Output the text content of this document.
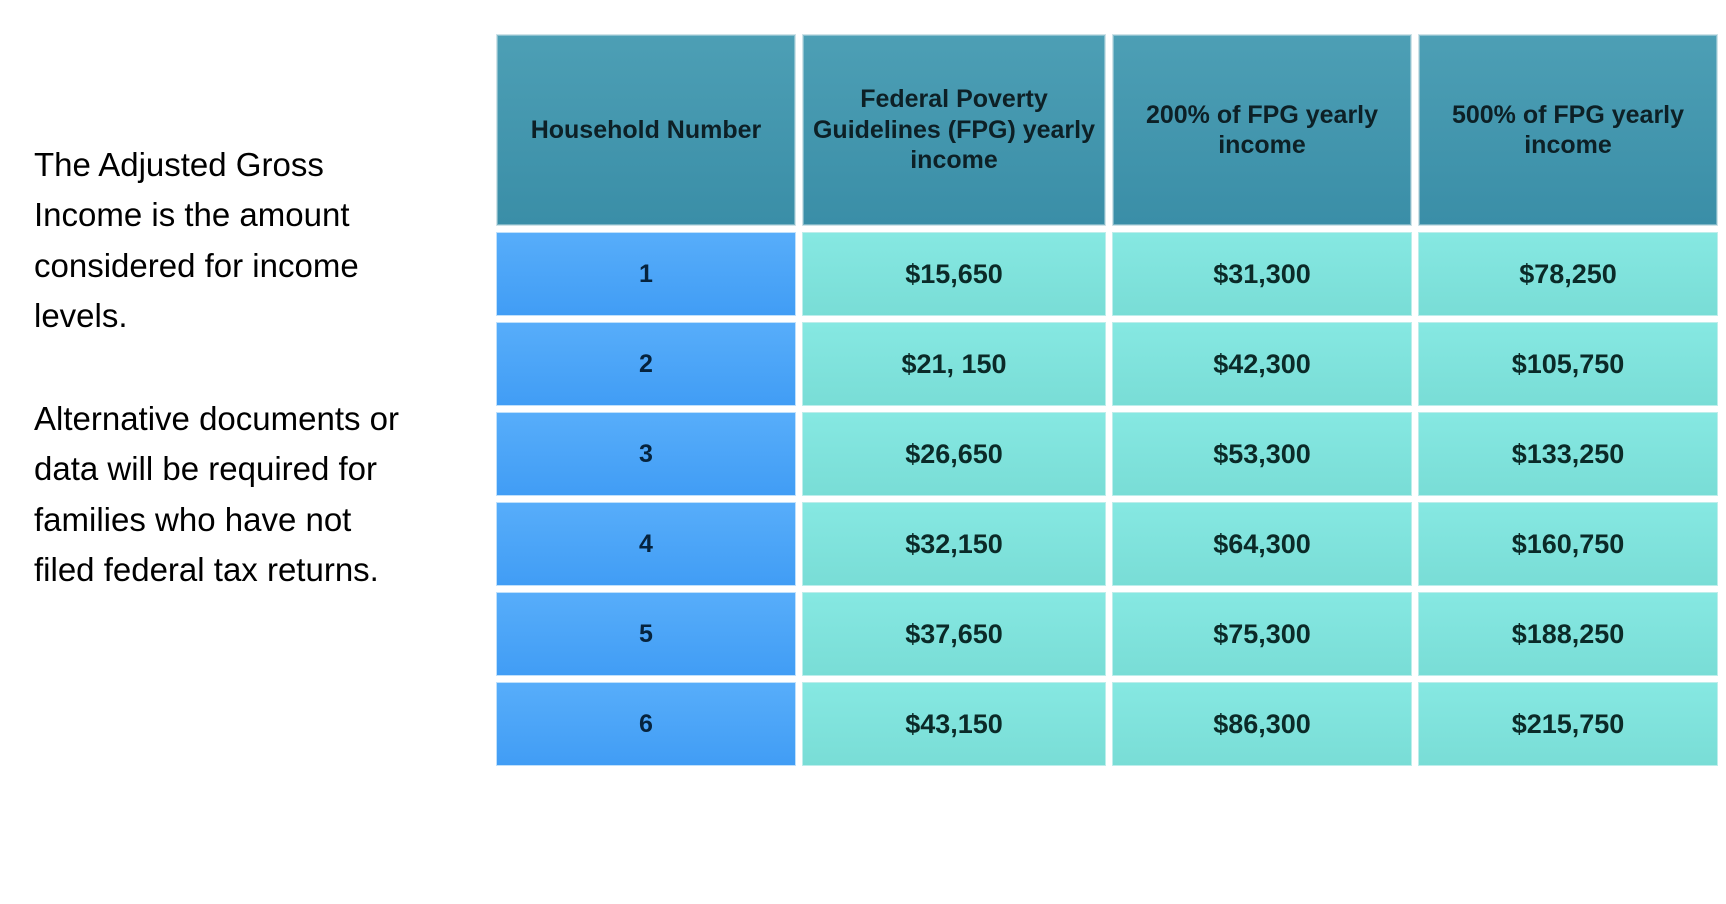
The Adjusted Gross Income is the amount considered for income levels.

Alternative documents or data will be required for families who have not filed federal tax returns.

Household Number	Federal Poverty Guidelines (FPG) yearly income	200% of FPG yearly income	500% of FPG yearly income
1	$15,650	$31,300	$78,250
2	$21, 150	$42,300	$105,750
3	$26,650	$53,300	$133,250
4	$32,150	$64,300	$160,750
5	$37,650	$75,300	$188,250
6	$43,150	$86,300	$215,750
